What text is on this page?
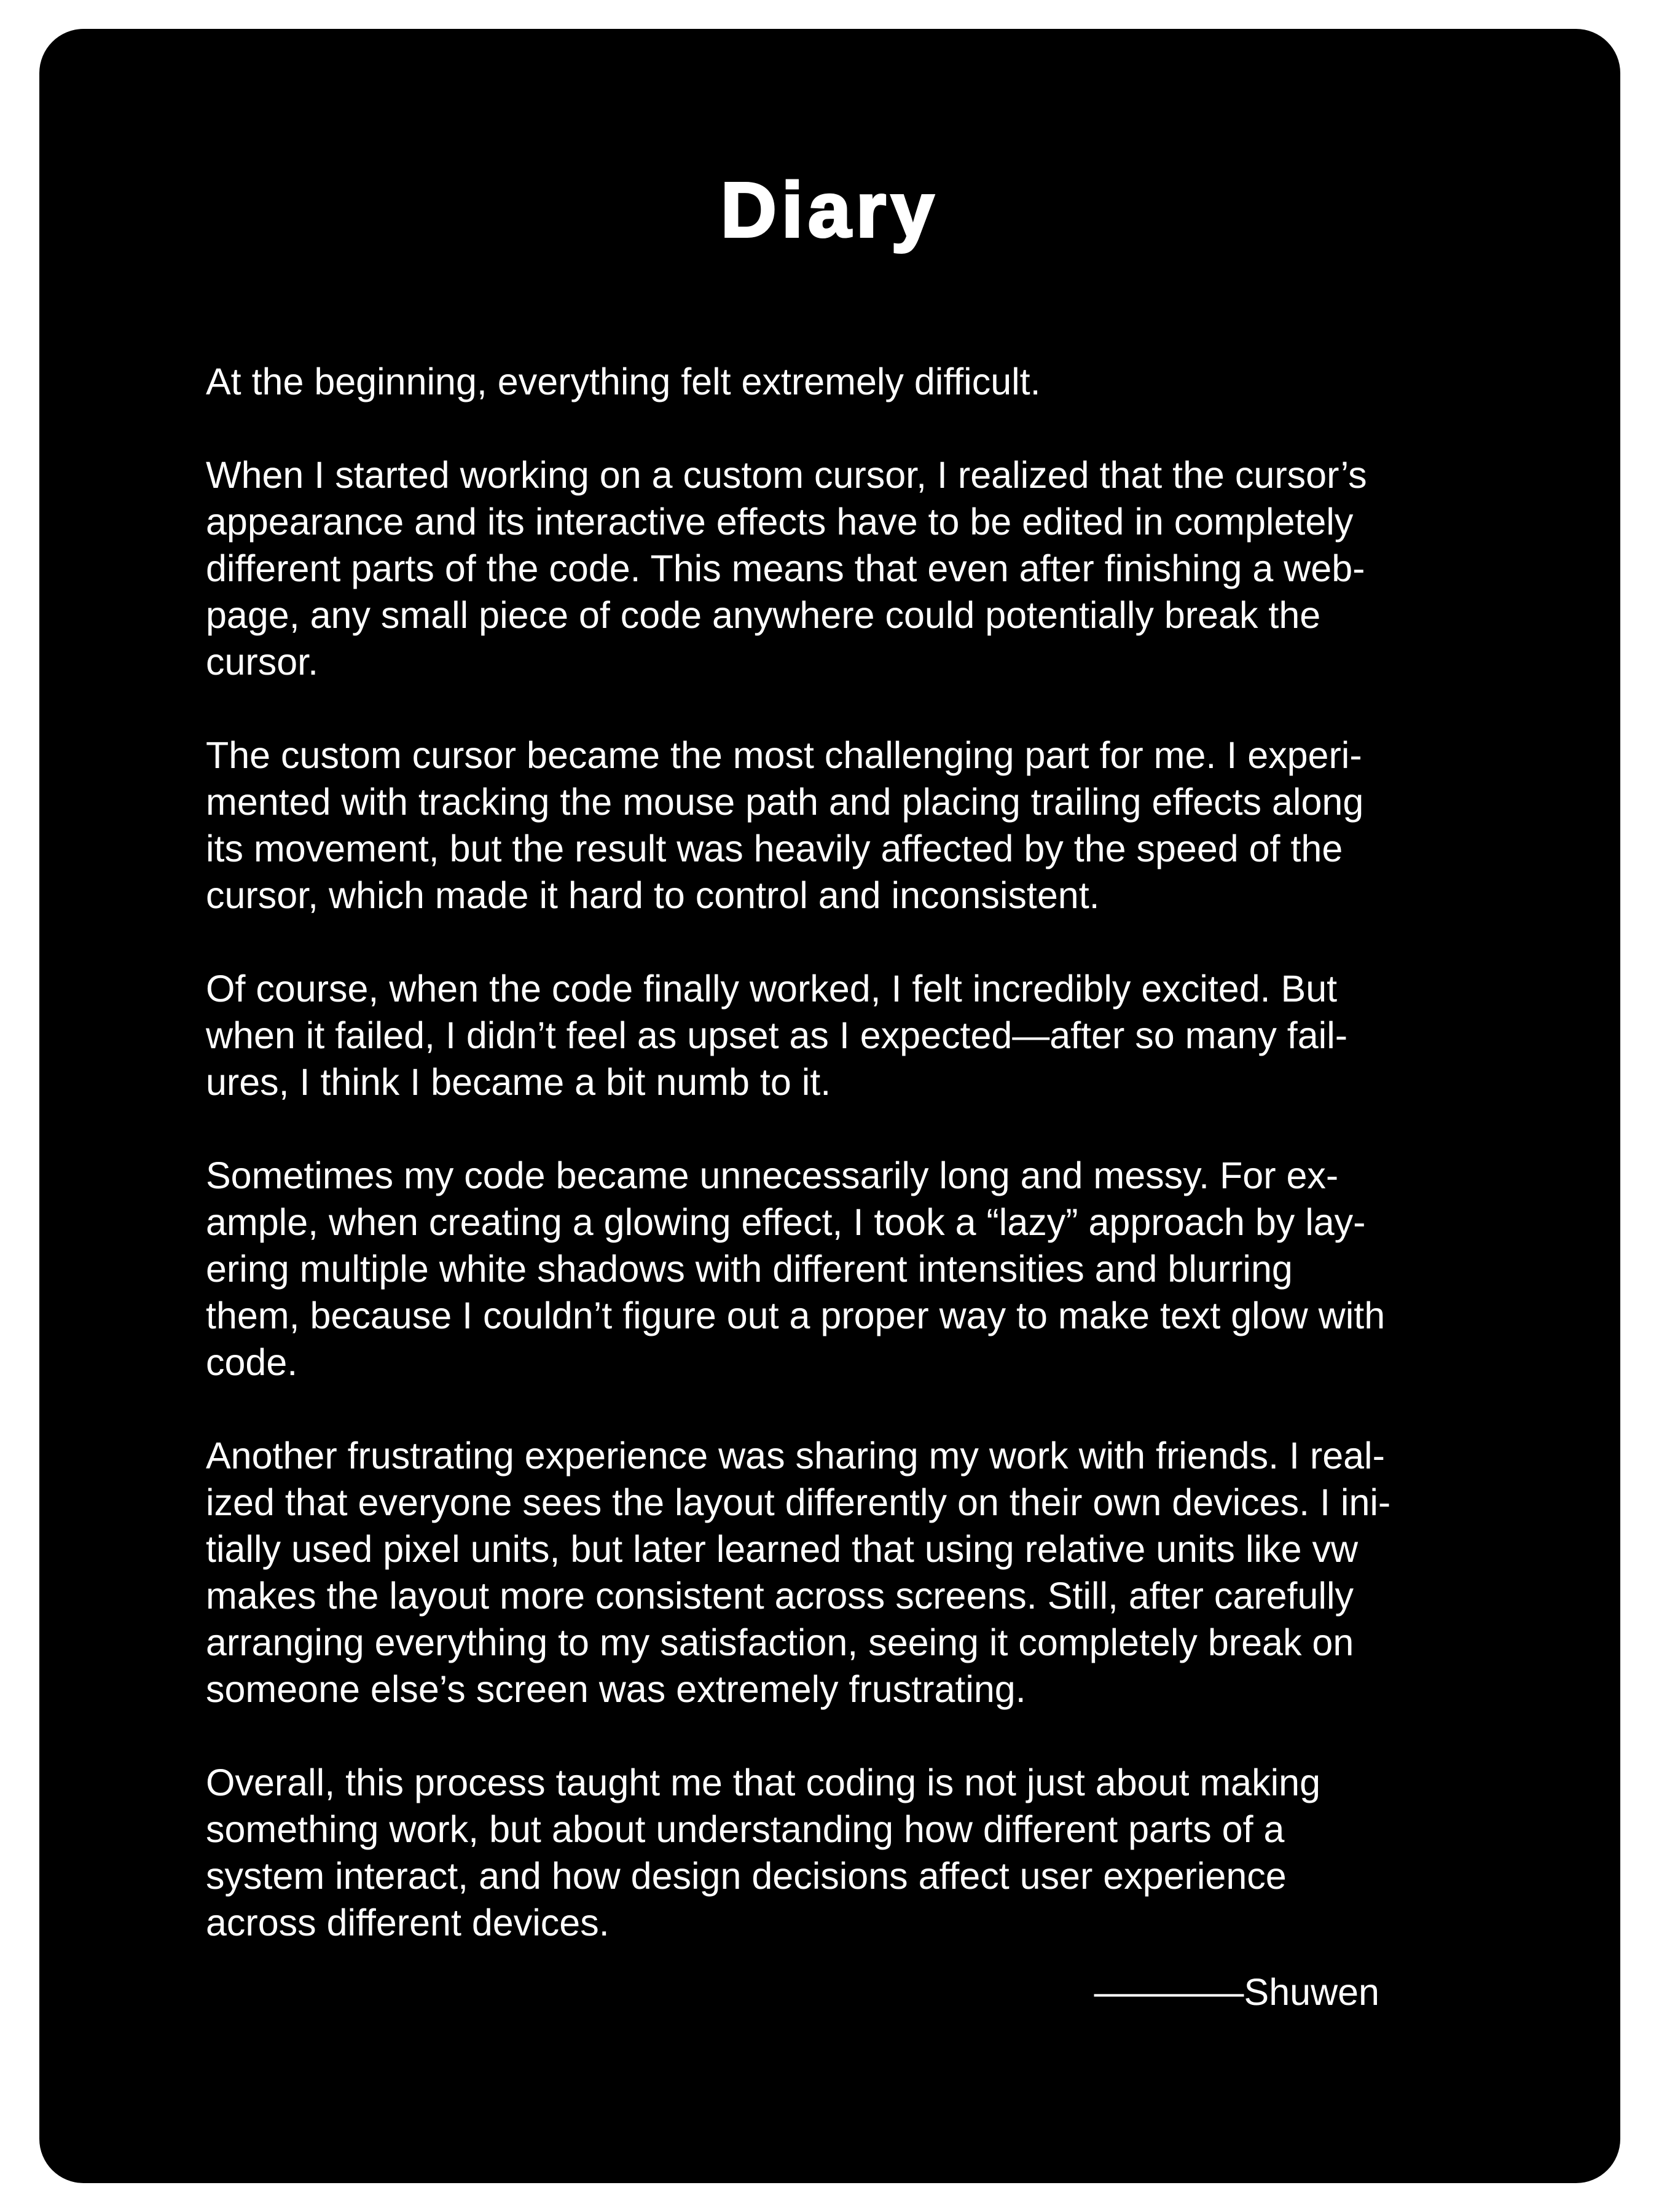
Diary

At the beginning, everything felt extremely difficult.

When I started working on a custom cursor, I realized that the cursor’s
appearance and its interactive effects have to be edited in completely
different parts of the code. This means that even after finishing a web-
page, any small piece of code anywhere could potentially break the
cursor.

The custom cursor became the most challenging part for me. I experi-
mented with tracking the mouse path and placing trailing effects along
its movement, but the result was heavily affected by the speed of the
cursor, which made it hard to control and inconsistent.

Of course, when the code finally worked, I felt incredibly excited. But
when it failed, I didn’t feel as upset as I expected—after so many fail-
ures, I think I became a bit numb to it.

Sometimes my code became unnecessarily long and messy. For ex-
ample, when creating a glowing effect, I took a “lazy” approach by lay-
ering multiple white shadows with different intensities and blurring
them, because I couldn’t figure out a proper way to make text glow with
code.

Another frustrating experience was sharing my work with friends. I real-
ized that everyone sees the layout differently on their own devices. I ini-
tially used pixel units, but later learned that using relative units like vw
makes the layout more consistent across screens. Still, after carefully
arranging everything to my satisfaction, seeing it completely break on
someone else’s screen was extremely frustrating.

Overall, this process taught me that coding is not just about making
something work, but about understanding how different parts of a
system interact, and how design decisions affect user experience
across different devices.

————Shuwen
